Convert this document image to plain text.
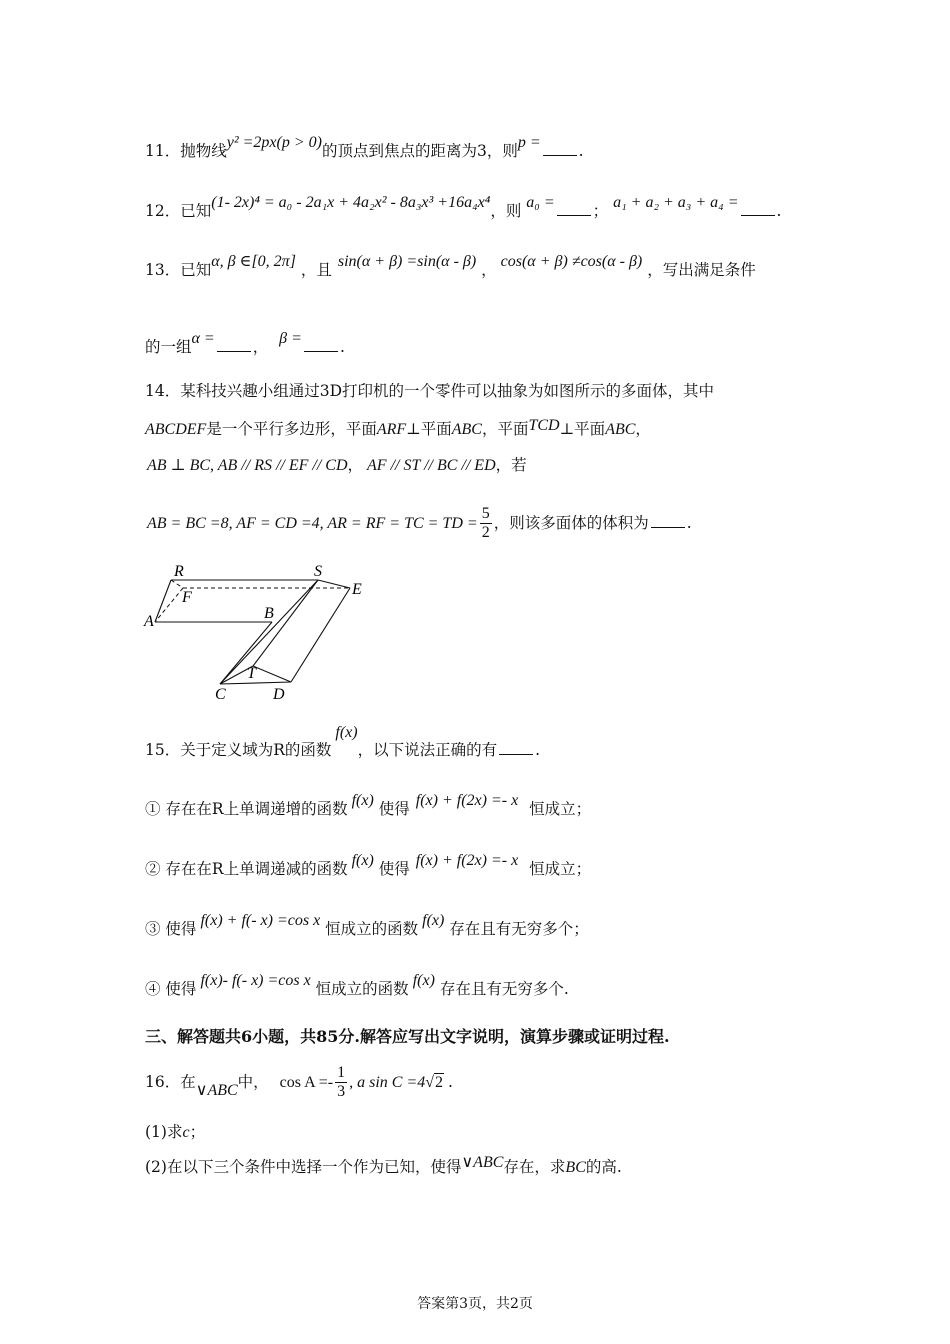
11．抛物线y² =2px(p > 0)的顶点到焦点的距离为3，则p = .
12．已知(1- 2x)⁴ = a₀ - 2a₁x + 4a₂x² - 8a₃x³ +16a₄x⁴，则 a₀ = ； a₁ + a₂ + a₃ + a₄ = .
13．已知α, β ∈[0, 2π] ，且 sin(α + β) =sin(α - β) ， cos(α + β) ≠cos(α - β) ，写出满足条件
的一组α = ， β = .
14．某科技兴趣小组通过3D打印机的一个零件可以抽象为如图所示的多面体，其中
ABCDEF是一个平行多边形，平面ARF⊥平面ABC，平面TCD⊥平面ABC，
AB ⊥ BC, AB // RS // EF // CD， AF // ST // BC // ED，若
AB = BC =8, AF = CD =4, AR = RF = TC = TD = $\frac{5}{2}$ ，则该多面体的体积为 .
R	S
E
F
A	B
T
C	D
15．关于定义域为R的函数f(x)，以下说法正确的有 .
① 存在在R上单调递增的函数 f(x) 使得 f(x) + f(2x) =- x 恒成立；
② 存在在R上单调递减的函数 f(x) 使得 f(x) + f(2x) =- x 恒成立；
③ 使得 f(x) + f(- x) =cos x 恒成立的函数 f(x) 存在且有无穷多个；
④ 使得 f(x)- f(- x) =cos x 恒成立的函数 f(x) 存在且有无穷多个.
三、解答题共6小题，共85分.解答应写出文字说明，演算步骤或证明过程.
16．在∨ABC中， $\cos A =- \frac{1}{3}$ , a sin C =4√2 .
(1)求c；
(2)在以下三个条件中选择一个作为已知，使得∨ABC存在，求BC的高.
答案第3页，共2页
